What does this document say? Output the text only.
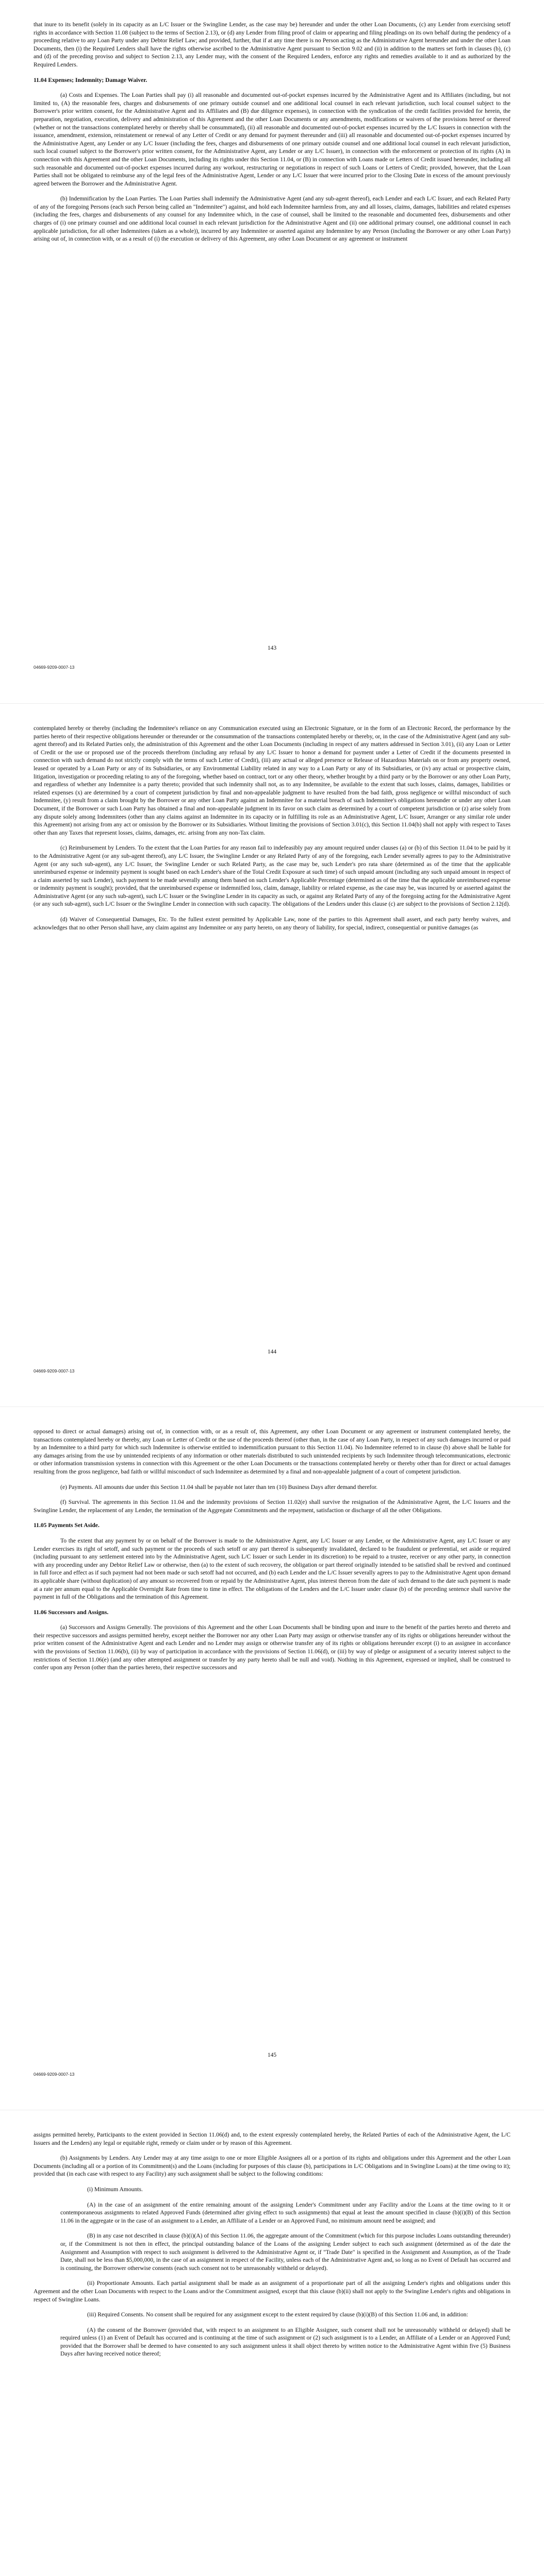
that inure to its benefit (solely in its capacity as an L/C Issuer or the Swingline Lender, as the case may be) hereunder and under the other Loan Documents, (c) any Lender from exercising setoff rights in accordance with Section 11.08 (subject to the terms of Section 2.13), or (d) any Lender from filing proof of claim or appearing and filing pleadings on its own behalf during the pendency of a proceeding relative to any Loan Party under any Debtor Relief Law; and provided, further, that if at any time there is no Person acting as the Administrative Agent hereunder and under the other Loan Documents, then (i) the Required Lenders shall have the rights otherwise ascribed to the Administrative Agent pursuant to Section 9.02 and (ii) in addition to the matters set forth in clauses (b), (c) and (d) of the preceding proviso and subject to Section 2.13, any Lender may, with the consent of the Required Lenders, enforce any rights and remedies available to it and as authorized by the Required Lenders.

11.04 Expenses; Indemnity; Damage Waiver.

(a) Costs and Expenses. The Loan Parties shall pay (i) all reasonable and documented out-of-pocket expenses incurred by the Administrative Agent and its Affiliates (including, but not limited to, (A) the reasonable fees, charges and disbursements of one primary outside counsel and one additional local counsel in each relevant jurisdiction, such local counsel subject to the Borrower's prior written consent, for the Administrative Agent and its Affiliates and (B) due diligence expenses), in connection with the syndication of the credit facilities provided for herein, the preparation, negotiation, execution, delivery and administration of this Agreement and the other Loan Documents or any amendments, modifications or waivers of the provisions hereof or thereof (whether or not the transactions contemplated hereby or thereby shall be consummated), (ii) all reasonable and documented out-of-pocket expenses incurred by the L/C Issuers in connection with the issuance, amendment, extension, reinstatement or renewal of any Letter of Credit or any demand for payment thereunder and (iii) all reasonable and documented out-of-pocket expenses incurred by the Administrative Agent, any Lender or any L/C Issuer (including the fees, charges and disbursements of one primary outside counsel and one additional local counsel in each relevant jurisdiction, such local counsel subject to the Borrower's prior written consent, for the Administrative Agent, any Lender or any L/C Issuer), in connection with the enforcement or protection of its rights (A) in connection with this Agreement and the other Loan Documents, including its rights under this Section 11.04, or (B) in connection with Loans made or Letters of Credit issued hereunder, including all such reasonable and documented out-of-pocket expenses incurred during any workout, restructuring or negotiations in respect of such Loans or Letters of Credit; provided, however, that the Loan Parties shall not be obligated to reimburse any of the legal fees of the Administrative Agent, Lender or any L/C Issuer that were incurred prior to the Closing Date in excess of the amount previously agreed between the Borrower and the Administrative Agent.

(b) Indemnification by the Loan Parties. The Loan Parties shall indemnify the Administrative Agent (and any sub-agent thereof), each Lender and each L/C Issuer, and each Related Party of any of the foregoing Persons (each such Person being called an "Indemnitee") against, and hold each Indemnitee harmless from, any and all losses, claims, damages, liabilities and related expenses (including the fees, charges and disbursements of any counsel for any Indemnitee which, in the case of counsel, shall be limited to the reasonable and documented fees, disbursements and other charges of (i) one primary counsel and one additional local counsel in each relevant jurisdiction for the Administrative Agent and (ii) one additional primary counsel, one additional counsel in each applicable jurisdiction, for all other Indemnitees (taken as a whole)), incurred by any Indemnitee or asserted against any Indemnitee by any Person (including the Borrower or any other Loan Party) arising out of, in connection with, or as a result of (i) the execution or delivery of this Agreement, any other Loan Document or any agreement or instrument

143
04669-9209-0007-13

contemplated hereby or thereby (including the Indemnitee's reliance on any Communication executed using an Electronic Signature, or in the form of an Electronic Record, the performance by the parties hereto of their respective obligations hereunder or thereunder or the consummation of the transactions contemplated hereby or thereby, or, in the case of the Administrative Agent (and any sub-agent thereof) and its Related Parties only, the administration of this Agreement and the other Loan Documents (including in respect of any matters addressed in Section 3.01), (ii) any Loan or Letter of Credit or the use or proposed use of the proceeds therefrom (including any refusal by any L/C Issuer to honor a demand for payment under a Letter of Credit if the documents presented in connection with such demand do not strictly comply with the terms of such Letter of Credit), (iii) any actual or alleged presence or Release of Hazardous Materials on or from any property owned, leased or operated by a Loan Party or any of its Subsidiaries, or any Environmental Liability related in any way to a Loan Party or any of its Subsidiaries, or (iv) any actual or prospective claim, litigation, investigation or proceeding relating to any of the foregoing, whether based on contract, tort or any other theory, whether brought by a third party or by the Borrower or any other Loan Party, and regardless of whether any Indemnitee is a party thereto; provided that such indemnity shall not, as to any Indemnitee, be available to the extent that such losses, claims, damages, liabilities or related expenses (x) are determined by a court of competent jurisdiction by final and non-appealable judgment to have resulted from the bad faith, gross negligence or willful misconduct of such Indemnitee, (y) result from a claim brought by the Borrower or any other Loan Party against an Indemnitee for a material breach of such Indemnitee's obligations hereunder or under any other Loan Document, if the Borrower or such Loan Party has obtained a final and non-appealable judgment in its favor on such claim as determined by a court of competent jurisdiction or (z) arise solely from any dispute solely among Indemnitees (other than any claims against an Indemnitee in its capacity or in fulfilling its role as an Administrative Agent, L/C Issuer, Arranger or any similar role under this Agreement) not arising from any act or omission by the Borrower or its Subsidiaries. Without limiting the provisions of Section 3.01(c), this Section 11.04(b) shall not apply with respect to Taxes other than any Taxes that represent losses, claims, damages, etc. arising from any non-Tax claim.

(c) Reimbursement by Lenders. To the extent that the Loan Parties for any reason fail to indefeasibly pay any amount required under clauses (a) or (b) of this Section 11.04 to be paid by it to the Administrative Agent (or any sub-agent thereof), any L/C Issuer, the Swingline Lender or any Related Party of any of the foregoing, each Lender severally agrees to pay to the Administrative Agent (or any such sub-agent), any L/C Issuer, the Swingline Lender or such Related Party, as the case may be, such Lender's pro rata share (determined as of the time that the applicable unreimbursed expense or indemnity payment is sought based on each Lender's share of the Total Credit Exposure at such time) of such unpaid amount (including any such unpaid amount in respect of a claim asserted by such Lender), such payment to be made severally among them based on such Lender's Applicable Percentage (determined as of the time that the applicable unreimbursed expense or indemnity payment is sought); provided, that the unreimbursed expense or indemnified loss, claim, damage, liability or related expense, as the case may be, was incurred by or asserted against the Administrative Agent (or any such sub-agent), such L/C Issuer or the Swingline Lender in its capacity as such, or against any Related Party of any of the foregoing acting for the Administrative Agent (or any such sub-agent), such L/C Issuer or the Swingline Lender in connection with such capacity. The obligations of the Lenders under this clause (c) are subject to the provisions of Section 2.12(d).

(d) Waiver of Consequential Damages, Etc. To the fullest extent permitted by Applicable Law, none of the parties to this Agreement shall assert, and each party hereby waives, and acknowledges that no other Person shall have, any claim against any Indemnitee or any party hereto, on any theory of liability, for special, indirect, consequential or punitive damages (as

144
04669-9209-0007-13

opposed to direct or actual damages) arising out of, in connection with, or as a result of, this Agreement, any other Loan Document or any agreement or instrument contemplated hereby, the transactions contemplated hereby or thereby, any Loan or Letter of Credit or the use of the proceeds thereof (other than, in the case of any Loan Party, in respect of any such damages incurred or paid by an Indemnitee to a third party for which such Indemnitee is otherwise entitled to indemnification pursuant to this Section 11.04). No Indemnitee referred to in clause (b) above shall be liable for any damages arising from the use by unintended recipients of any information or other materials distributed to such unintended recipients by such Indemnitee through telecommunications, electronic or other information transmission systems in connection with this Agreement or the other Loan Documents or the transactions contemplated hereby or thereby other than for direct or actual damages resulting from the gross negligence, bad faith or willful misconduct of such Indemnitee as determined by a final and non-appealable judgment of a court of competent jurisdiction.

(e) Payments. All amounts due under this Section 11.04 shall be payable not later than ten (10) Business Days after demand therefor.

(f) Survival. The agreements in this Section 11.04 and the indemnity provisions of Section 11.02(e) shall survive the resignation of the Administrative Agent, the L/C Issuers and the Swingline Lender, the replacement of any Lender, the termination of the Aggregate Commitments and the repayment, satisfaction or discharge of all the other Obligations.

11.05 Payments Set Aside.

To the extent that any payment by or on behalf of the Borrower is made to the Administrative Agent, any L/C Issuer or any Lender, or the Administrative Agent, any L/C Issuer or any Lender exercises its right of setoff, and such payment or the proceeds of such setoff or any part thereof is subsequently invalidated, declared to be fraudulent or preferential, set aside or required (including pursuant to any settlement entered into by the Administrative Agent, such L/C Issuer or such Lender in its discretion) to be repaid to a trustee, receiver or any other party, in connection with any proceeding under any Debtor Relief Law or otherwise, then (a) to the extent of such recovery, the obligation or part thereof originally intended to be satisfied shall be revived and continued in full force and effect as if such payment had not been made or such setoff had not occurred, and (b) each Lender and the L/C Issuer severally agrees to pay to the Administrative Agent upon demand its applicable share (without duplication) of any amount so recovered from or repaid by the Administrative Agent, plus interest thereon from the date of such demand to the date such payment is made at a rate per annum equal to the Applicable Overnight Rate from time to time in effect. The obligations of the Lenders and the L/C Issuer under clause (b) of the preceding sentence shall survive the payment in full of the Obligations and the termination of this Agreement.

11.06 Successors and Assigns.

(a) Successors and Assigns Generally. The provisions of this Agreement and the other Loan Documents shall be binding upon and inure to the benefit of the parties hereto and thereto and their respective successors and assigns permitted hereby, except neither the Borrower nor any other Loan Party may assign or otherwise transfer any of its rights or obligations hereunder without the prior written consent of the Administrative Agent and each Lender and no Lender may assign or otherwise transfer any of its rights or obligations hereunder except (i) to an assignee in accordance with the provisions of Section 11.06(b), (ii) by way of participation in accordance with the provisions of Section 11.06(d), or (iii) by way of pledge or assignment of a security interest subject to the restrictions of Section 11.06(e) (and any other attempted assignment or transfer by any party hereto shall be null and void). Nothing in this Agreement, expressed or implied, shall be construed to confer upon any Person (other than the parties hereto, their respective successors and

145
04669-9209-0007-13

assigns permitted hereby, Participants to the extent provided in Section 11.06(d) and, to the extent expressly contemplated hereby, the Related Parties of each of the Administrative Agent, the L/C Issuers and the Lenders) any legal or equitable right, remedy or claim under or by reason of this Agreement.

(b) Assignments by Lenders. Any Lender may at any time assign to one or more Eligible Assignees all or a portion of its rights and obligations under this Agreement and the other Loan Documents (including all or a portion of its Commitment(s) and the Loans (including for purposes of this clause (b), participations in L/C Obligations and in Swingline Loans) at the time owing to it); provided that (in each case with respect to any Facility) any such assignment shall be subject to the following conditions:

(i) Minimum Amounts.

(A) in the case of an assignment of the entire remaining amount of the assigning Lender's Commitment under any Facility and/or the Loans at the time owing to it or contemporaneous assignments to related Approved Funds (determined after giving effect to such assignments) that equal at least the amount specified in clause (b)(i)(B) of this Section 11.06 in the aggregate or in the case of an assignment to a Lender, an Affiliate of a Lender or an Approved Fund, no minimum amount need be assigned; and

(B) in any case not described in clause (b)(i)(A) of this Section 11.06, the aggregate amount of the Commitment (which for this purpose includes Loans outstanding thereunder) or, if the Commitment is not then in effect, the principal outstanding balance of the Loans of the assigning Lender subject to each such assignment (determined as of the date the Assignment and Assumption with respect to such assignment is delivered to the Administrative Agent or, if "Trade Date" is specified in the Assignment and Assumption, as of the Trade Date, shall not be less than $5,000,000, in the case of an assignment in respect of the Facility, unless each of the Administrative Agent and, so long as no Event of Default has occurred and is continuing, the Borrower otherwise consents (each such consent not to be unreasonably withheld or delayed).

(ii) Proportionate Amounts. Each partial assignment shall be made as an assignment of a proportionate part of all the assigning Lender's rights and obligations under this Agreement and the other Loan Documents with respect to the Loans and/or the Commitment assigned, except that this clause (b)(ii) shall not apply to the Swingline Lender's rights and obligations in respect of Swingline Loans.

(iii) Required Consents. No consent shall be required for any assignment except to the extent required by clause (b)(i)(B) of this Section 11.06 and, in addition:

(A) the consent of the Borrower (provided that, with respect to an assignment to an Eligible Assignee, such consent shall not be unreasonably withheld or delayed) shall be required unless (1) an Event of Default has occurred and is continuing at the time of such assignment or (2) such assignment is to a Lender, an Affiliate of a Lender or an Approved Fund; provided that the Borrower shall be deemed to have consented to any such assignment unless it shall object thereto by written notice to the Administrative Agent within five (5) Business Days after having received notice thereof;
